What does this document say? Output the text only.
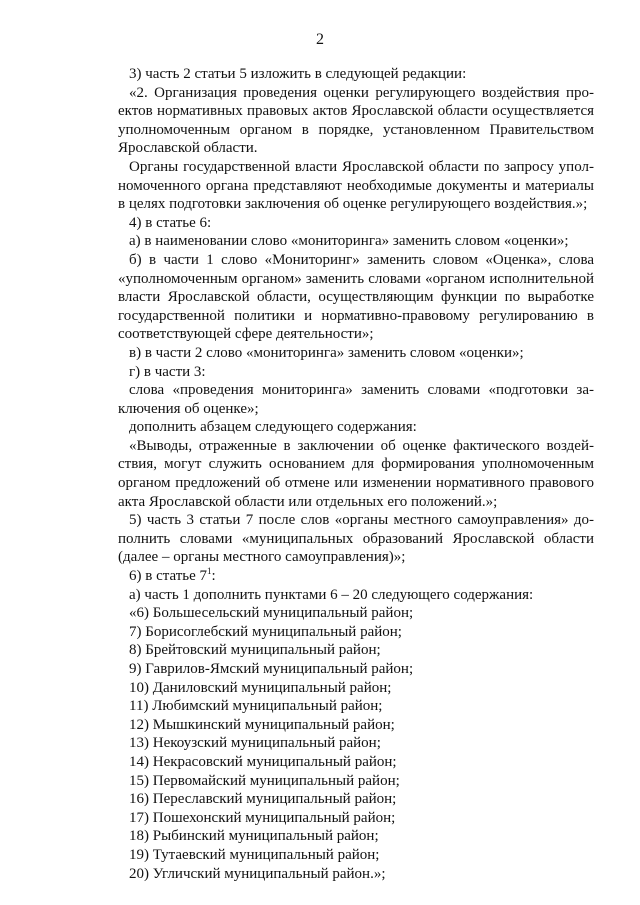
2

3) часть 2 статьи 5 изложить в следующей редакции:

«2. Организация проведения оценки регулирующего воздействия проектов нормативных правовых актов Ярославской области осуществляется уполномоченным органом в порядке, установленном Правительством Ярославской области.

Органы государственной власти Ярославской области по запросу уполномоченного органа представляют необходимые документы и материалы в целях подготовки заключения об оценке регулирующего воздействия.»;

4) в статье 6:

а) в наименовании слово «мониторинга» заменить словом «оценки»;

б) в части 1 слово «Мониторинг» заменить словом «Оценка», слова «уполномоченным органом» заменить словами «органом исполнительной власти Ярославской области, осуществляющим функции по выработке государственной политики и нормативно-правовому регулированию в соответствующей сфере деятельности»;

в) в части 2 слово «мониторинга» заменить словом «оценки»;

г) в части 3:

слова «проведения мониторинга» заменить словами «подготовки заключения об оценке»;

дополнить абзацем следующего содержания:

«Выводы, отраженные в заключении об оценке фактического воздействия, могут служить основанием для формирования уполномоченным органом предложений об отмене или изменении нормативного правового акта Ярославской области или отдельных его положений.»;

5) часть 3 статьи 7 после слов «органы местного самоуправления» дополнить словами «муниципальных образований Ярославской области (далее – органы местного самоуправления)»;

6) в статье $7^1$:

а) часть 1 дополнить пунктами 6 – 20 следующего содержания:

«6) Большесельский муниципальный район;

7) Борисоглебский муниципальный район;

8) Брейтовский муниципальный район;

9) Гаврилов-Ямский муниципальный район;

10) Даниловский муниципальный район;

11) Любимский муниципальный район;

12) Мышкинский муниципальный район;

13) Некоузский муниципальный район;

14) Некрасовский муниципальный район;

15) Первомайский муниципальный район;

16) Переславский муниципальный район;

17) Пошехонский муниципальный район;

18) Рыбинский муниципальный район;

19) Тутаевский муниципальный район;

20) Угличский муниципальный район.»;
